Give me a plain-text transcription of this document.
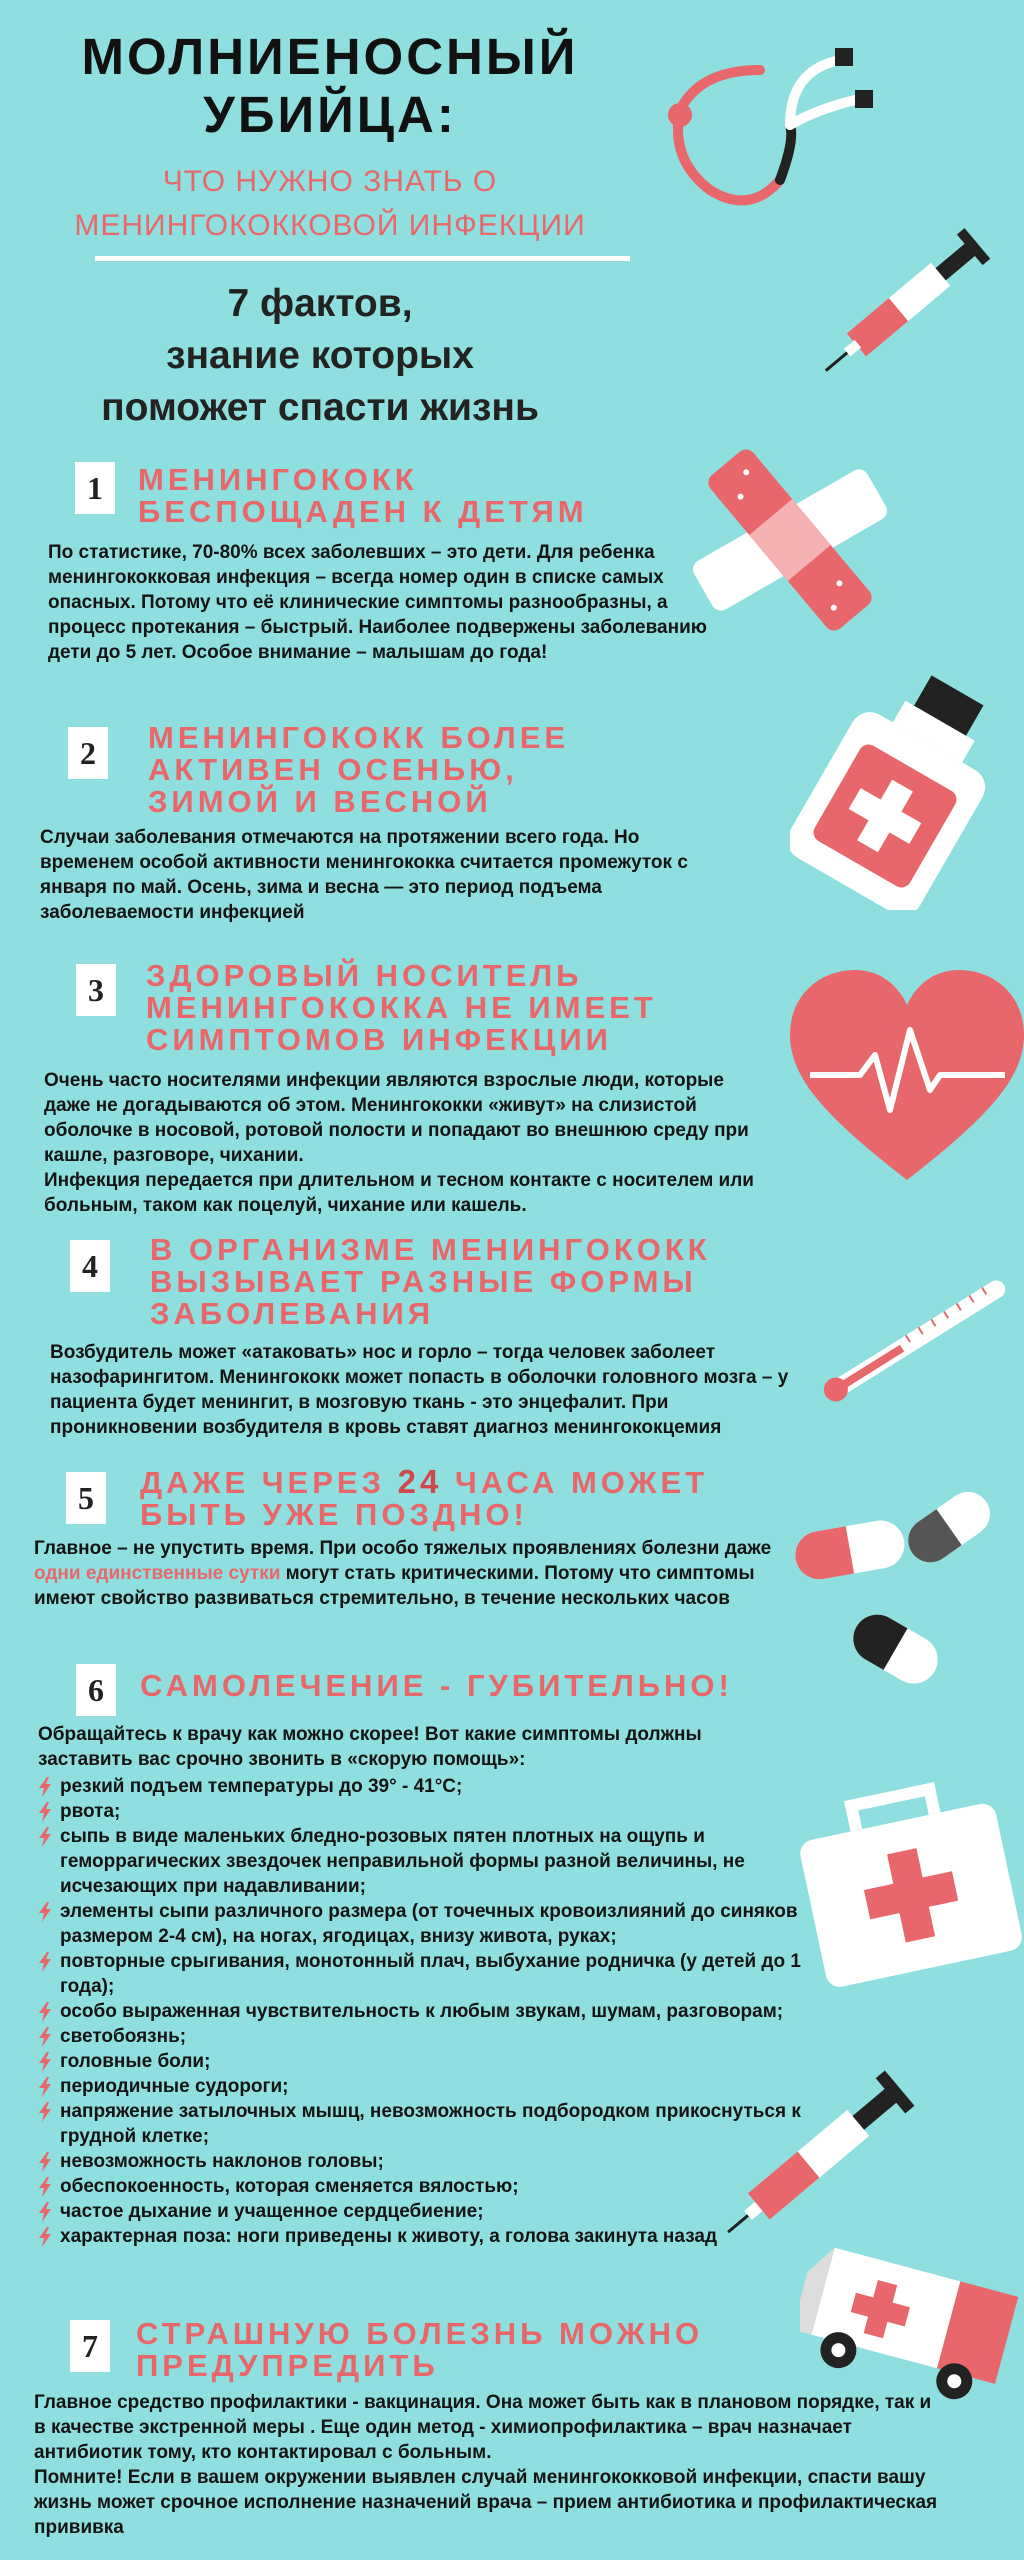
МОЛНИЕНОСНЫЙ УБИЙЦА:
ЧТО НУЖНО ЗНАТЬ О МЕНИНГОКОККОВОЙ ИНФЕКЦИИ
7 фактов,
знание которых
поможет спасти жизнь
1	МЕНИНГОКОКК БЕСПОЩАДЕН К ДЕТЯМ
По статистике, 70-80% всех заболевших – это дети. Для ребенка менингококковая инфекция – всегда номер один в списке самых опасных. Потому что её клинические симптомы разнообразны, а процесс протекания – быстрый. Наиболее подвержены заболеванию дети до 5 лет. Особое внимание – малышам до года!
2	МЕНИНГОКОКК БОЛЕЕ АКТИВЕН ОСЕНЬЮ, ЗИМОЙ И ВЕСНОЙ
Случаи заболевания отмечаются на протяжении всего года. Но временем особой активности менингококка считается промежуток с января по май. Осень, зима и весна — это период подъема заболеваемости инфекцией
3	ЗДОРОВЫЙ НОСИТЕЛЬ МЕНИНГОКОККА НЕ ИМЕЕТ СИМПТОМОВ ИНФЕКЦИИ
Очень часто носителями инфекции являются взрослые люди, которые даже не догадываются об этом. Менингококки «живут» на слизистой оболочке в носовой, ротовой полости и попадают во внешнюю среду при кашле, разговоре, чихании.
Инфекция передается при длительном и тесном контакте с носителем или больным, таком как поцелуй, чихание или кашель.
4	В ОРГАНИЗМЕ МЕНИНГОКОКК ВЫЗЫВАЕТ РАЗНЫЕ ФОРМЫ ЗАБОЛЕВАНИЯ
Возбудитель может «атаковать» нос и горло – тогда человек заболеет назофарингитом. Менингококк может попасть в оболочки головного мозга – у пациента будет менингит, в мозговую ткань - это энцефалит. При проникновении возбудителя в кровь ставят диагноз менингококцемия
5	ДАЖЕ ЧЕРЕЗ 24 ЧАСА МОЖЕТ БЫТЬ УЖЕ ПОЗДНО!
Главное – не упустить время. При особо тяжелых проявлениях болезни даже одни единственные сутки могут стать критическими. Потому что симптомы имеют свойство развиваться стремительно, в течение нескольких часов
6	САМОЛЕЧЕНИЕ - ГУБИТЕЛЬНО!
Обращайтесь к врачу как можно скорее! Вот какие симптомы должны заставить вас срочно звонить в «скорую помощь»:
резкий подъем температуры до 39° - 41°С;
рвота;
сыпь в виде маленьких бледно-розовых пятен плотных на ощупь и геморрагических звездочек неправильной формы разной величины, не исчезающих при надавливании;
элементы сыпи различного размера (от точечных кровоизлияний до синяков размером 2-4 см), на ногах, ягодицах, внизу живота, руках;
повторные срыгивания, монотонный плач, выбухание родничка (у детей до 1 года);
особо выраженная чувствительность к любым звукам, шумам, разговорам;
светобоязнь;
головные боли;
периодичные судороги;
напряжение затылочных мышц, невозможность подбородком прикоснуться к грудной клетке;
невозможность наклонов головы;
обеспокоенность, которая сменяется вялостью;
частое дыхание и учащенное сердцебиение;
характерная поза: ноги приведены к животу, а голова закинута назад
7	СТРАШНУЮ БОЛЕЗНЬ МОЖНО ПРЕДУПРЕДИТЬ
Главное средство профилактики - вакцинация. Она может быть как в плановом порядке, так и в качестве экстренной меры . Еще один метод - химиопрофилактика – врач назначает антибиотик тому, кто контактировал с больным.
Помните! Если в вашем окружении выявлен случай менингококковой инфекции, спасти вашу жизнь может срочное исполнение назначений врача – прием антибиотика и профилактическая прививка
